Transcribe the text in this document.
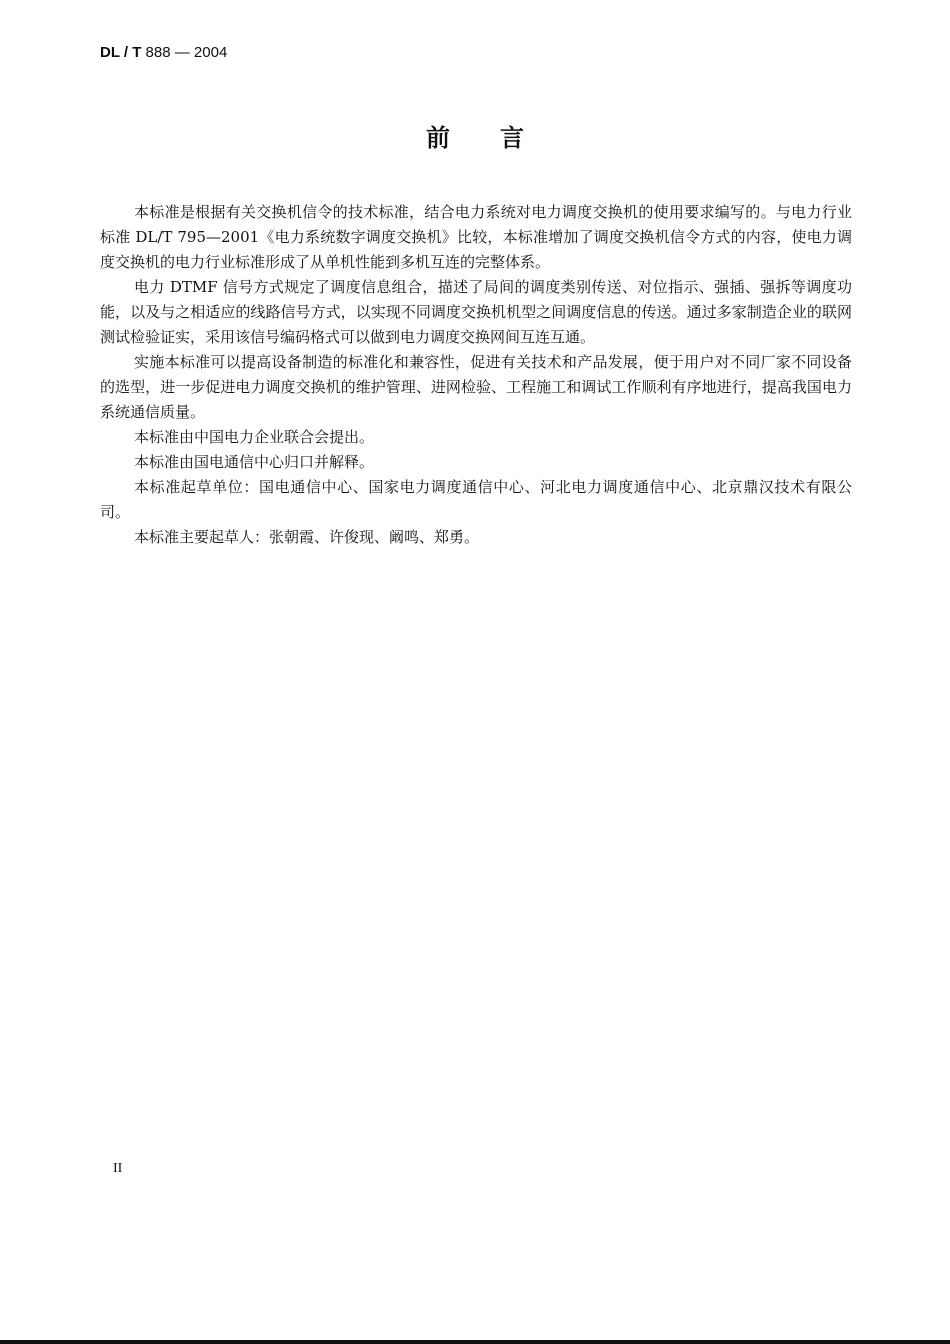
DL / T 888 — 2004
前言

本标准是根据有关交换机信令的技术标准，结合电力系统对电力调度交换机的使用要求编写的。与电力行业标准 DL/T 795—2001《电力系统数字调度交换机》比较，本标准增加了调度交换机信令方式的内容，使电力调度交换机的电力行业标准形成了从单机性能到多机互连的完整体系。

电力 DTMF 信号方式规定了调度信息组合，描述了局间的调度类别传送、对位指示、强插、强拆等调度功能，以及与之相适应的线路信号方式，以实现不同调度交换机机型之间调度信息的传送。通过多家制造企业的联网测试检验证实，采用该信号编码格式可以做到电力调度交换网间互连互通。

实施本标准可以提高设备制造的标准化和兼容性，促进有关技术和产品发展，便于用户对不同厂家不同设备的选型，进一步促进电力调度交换机的维护管理、进网检验、工程施工和调试工作顺利有序地进行，提高我国电力系统通信质量。

本标准由中国电力企业联合会提出。

本标准由国电通信中心归口并解释。

本标准起草单位：国电通信中心、国家电力调度通信中心、河北电力调度通信中心、北京鼎汉技术有限公司。

本标准主要起草人：张朝霞、许俊现、阚鸣、郑勇。

II
